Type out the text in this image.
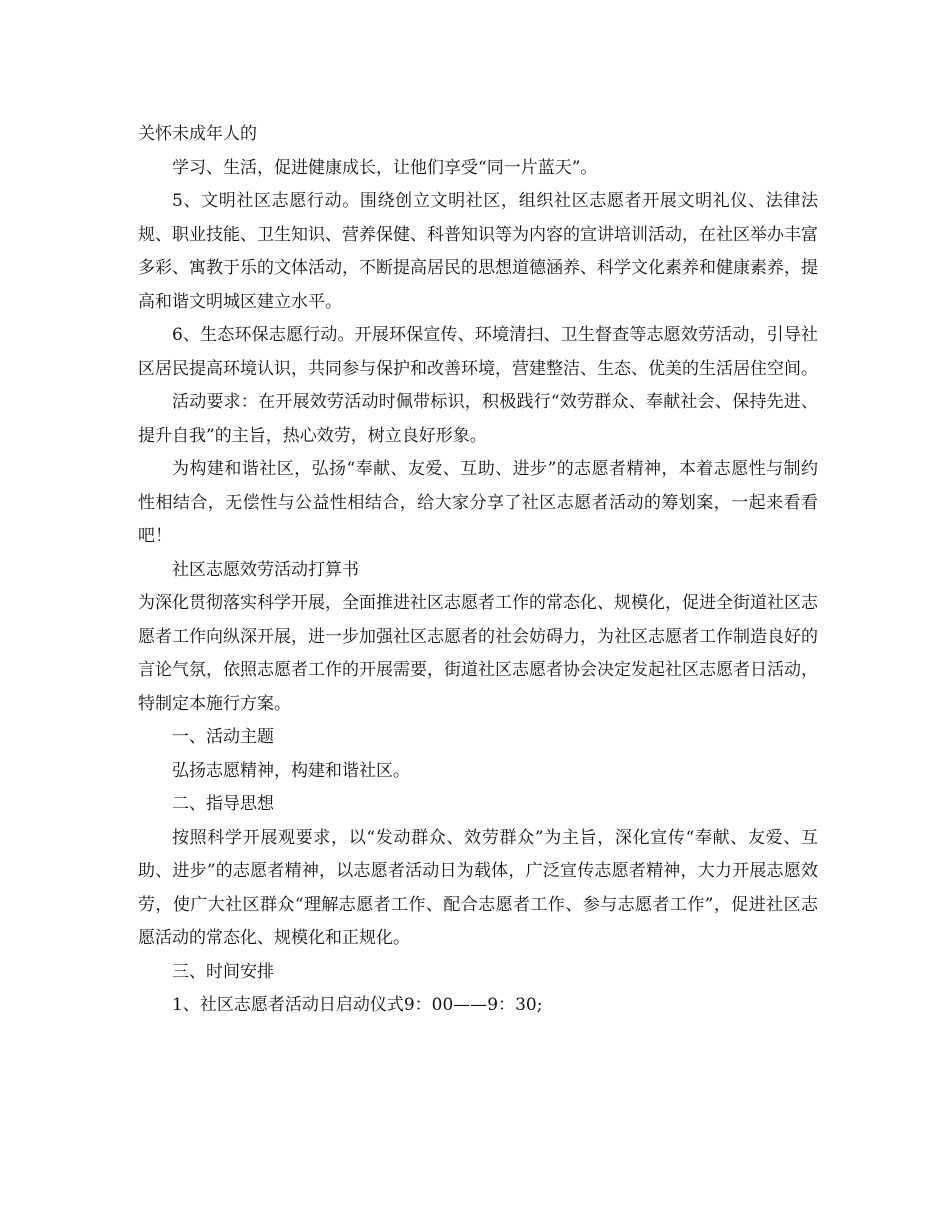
关怀未成年人的

学习、生活，促进健康成长，让他们享受“同一片蓝天”。

5、文明社区志愿行动。围绕创立文明社区，组织社区志愿者开展文明礼仪、法律法规、职业技能、卫生知识、营养保健、科普知识等为内容的宣讲培训活动，在社区举办丰富多彩、寓教于乐的文体活动，不断提高居民的思想道德涵养、科学文化素养和健康素养，提高和谐文明城区建立水平。

6、生态环保志愿行动。开展环保宣传、环境清扫、卫生督查等志愿效劳活动，引导社区居民提高环境认识，共同参与保护和改善环境，营建整洁、生态、优美的生活居住空间。

活动要求：在开展效劳活动时佩带标识，积极践行“效劳群众、奉献社会、保持先进、提升自我”的主旨，热心效劳，树立良好形象。

为构建和谐社区，弘扬“奉献、友爱、互助、进步”的志愿者精神，本着志愿性与制约性相结合，无偿性与公益性相结合，给大家分享了社区志愿者活动的筹划案，一起来看看吧！

社区志愿效劳活动打算书

为深化贯彻落实科学开展，全面推进社区志愿者工作的常态化、规模化，促进全街道社区志愿者工作向纵深开展，进一步加强社区志愿者的社会妨碍力，为社区志愿者工作制造良好的言论气氛，依照志愿者工作的开展需要，街道社区志愿者协会决定发起社区志愿者日活动，特制定本施行方案。

一、活动主题

弘扬志愿精神，构建和谐社区。

二、指导思想

按照科学开展观要求，以“发动群众、效劳群众”为主旨，深化宣传“奉献、友爱、互助、进步”的志愿者精神，以志愿者活动日为载体，广泛宣传志愿者精神，大力开展志愿效劳，使广大社区群众“理解志愿者工作、配合志愿者工作、参与志愿者工作”，促进社区志愿活动的常态化、规模化和正规化。

三、时间安排

1、社区志愿者活动日启动仪式9：00——9：30;
